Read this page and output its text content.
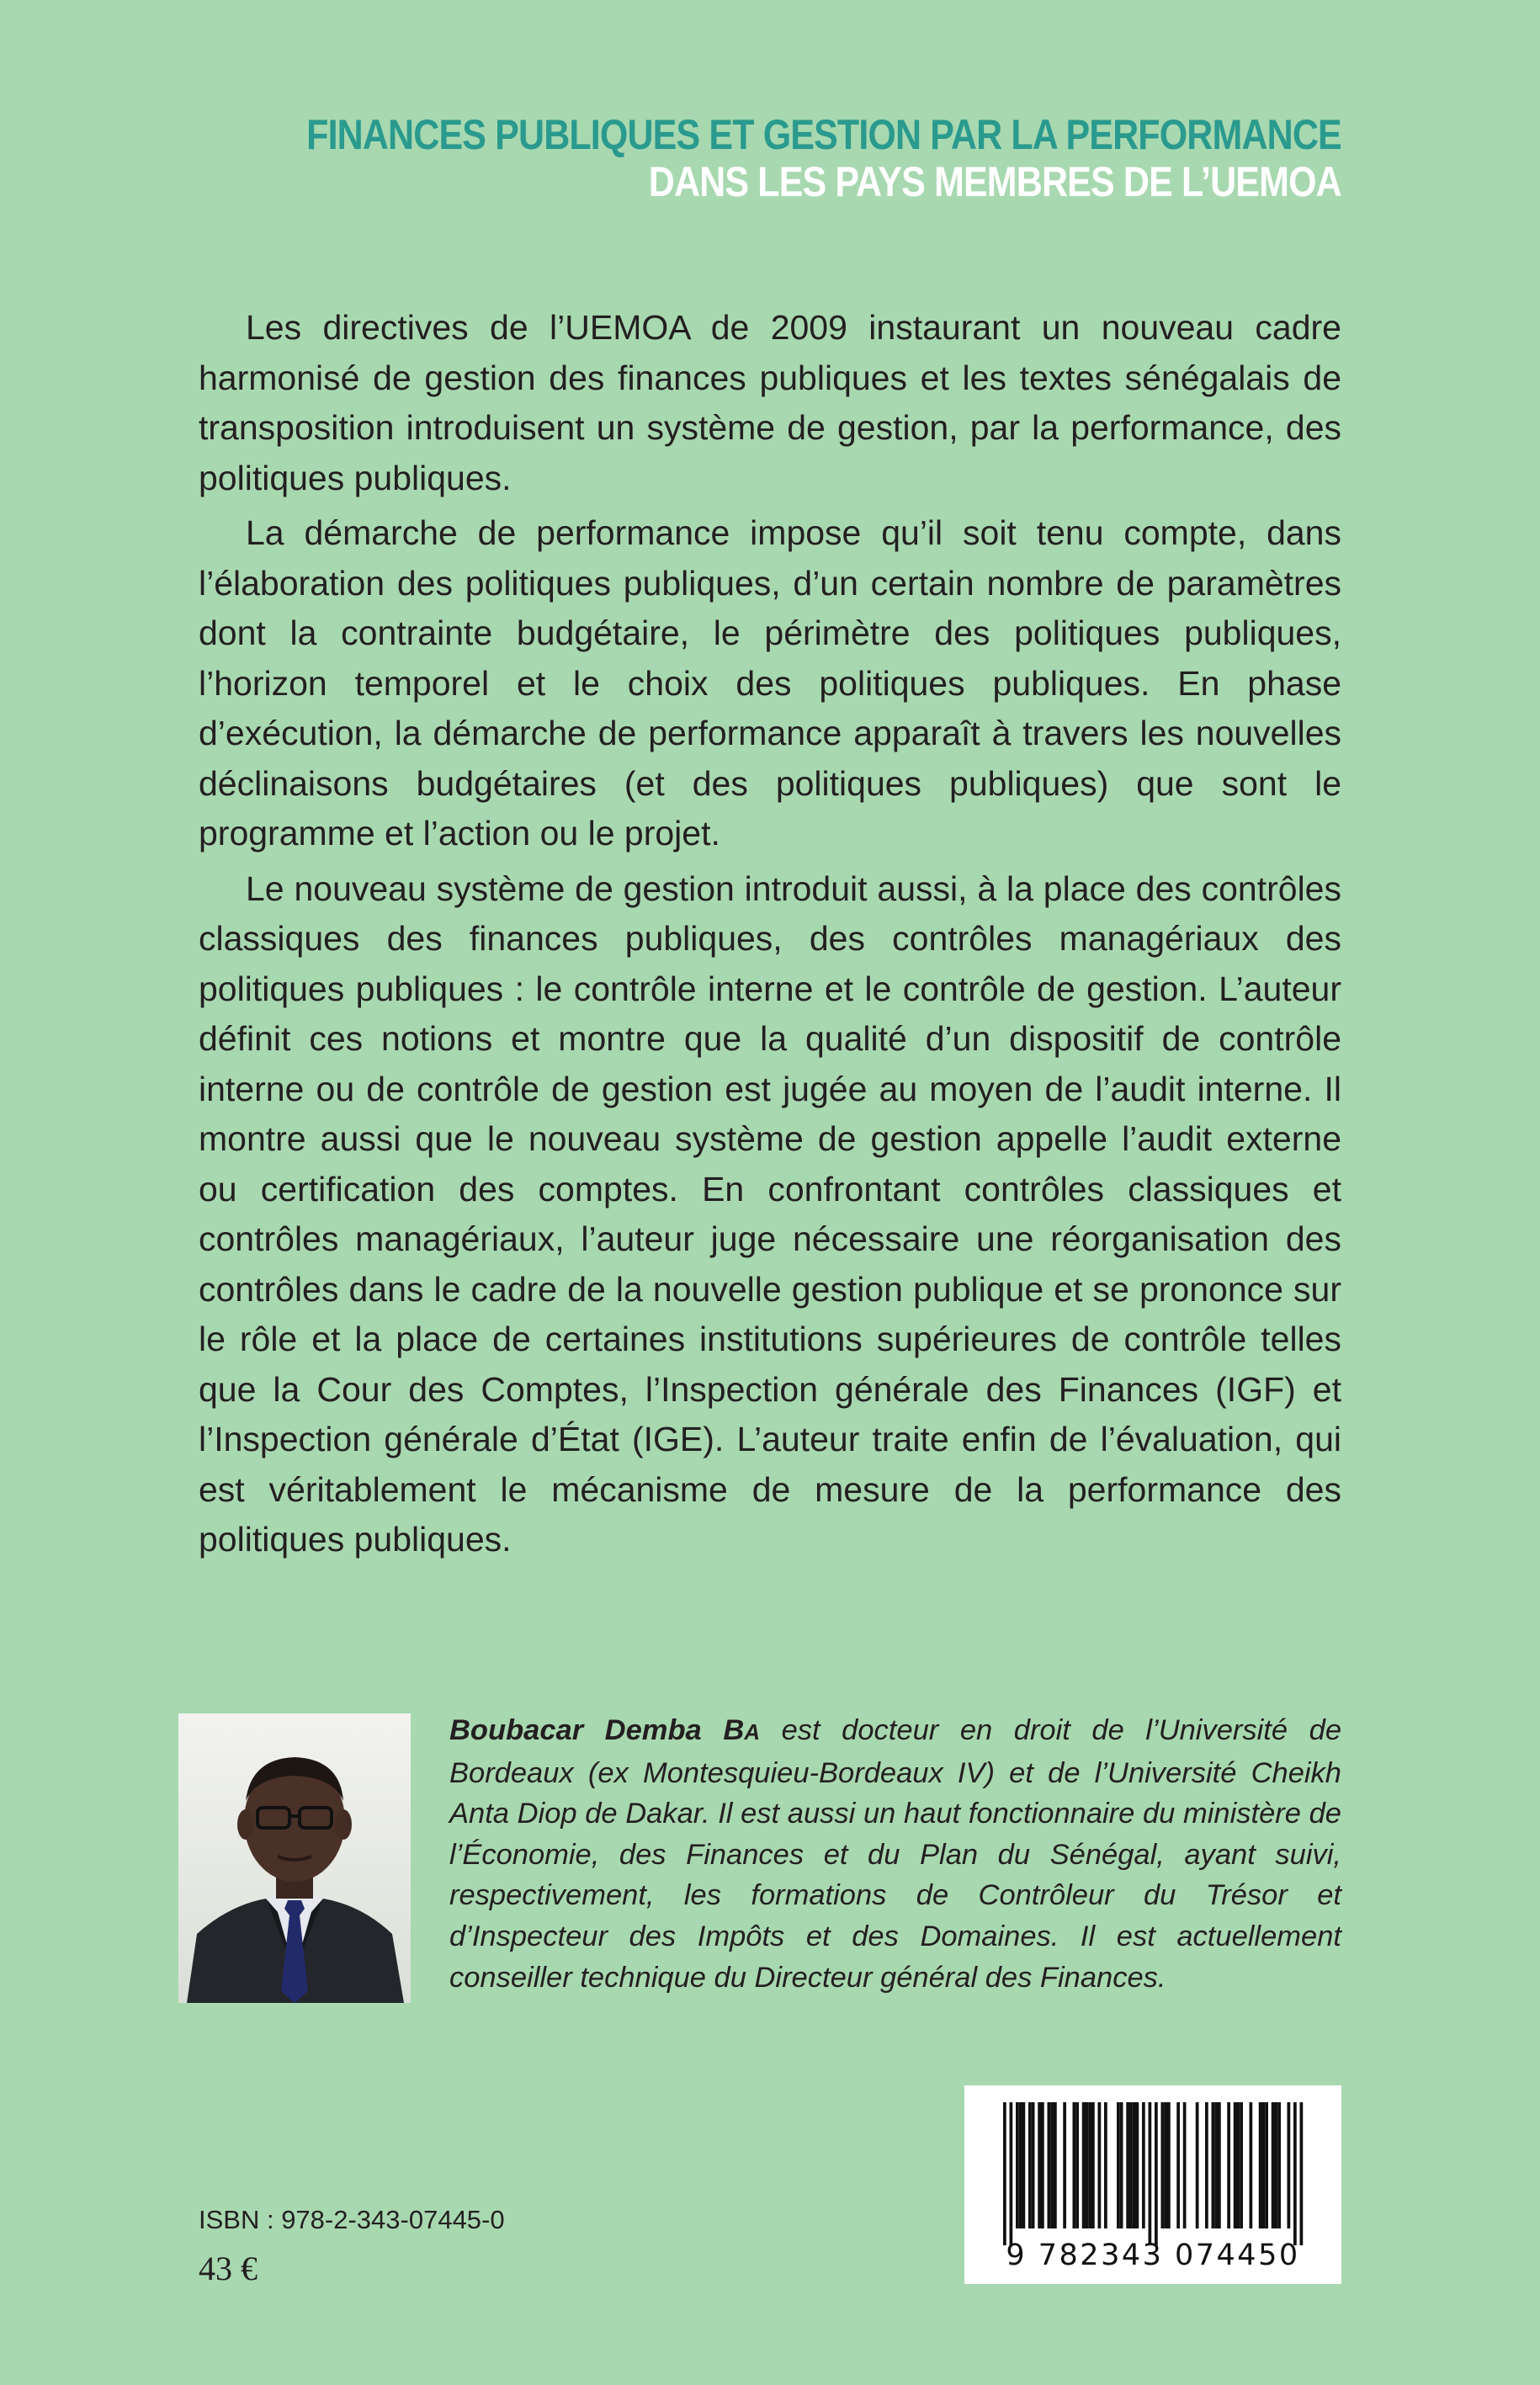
FINANCES PUBLIQUES ET GESTION PAR LA PERFORMANCE
DANS LES PAYS MEMBRES DE L’UEMOA

Les directives de l’UEMOA de 2009 instaurant un nouveau cadre harmonisé de gestion des finances publiques et les textes sénégalais de transposition introduisent un système de gestion, par la performance, des politiques publiques.

La démarche de performance impose qu’il soit tenu compte, dans l’élaboration des politiques publiques, d’un certain nombre de paramètres dont la contrainte budgétaire, le périmètre des politiques publiques, l’horizon temporel et le choix des politiques publiques. En phase d’exécution, la démarche de performance apparaît à travers les nouvelles déclinaisons budgétaires (et des politiques publiques) que sont le programme et l’action ou le projet.

Le nouveau système de gestion introduit aussi, à la place des contrôles classiques des finances publiques, des contrôles managériaux des politiques publiques : le contrôle interne et le contrôle de gestion. L’auteur définit ces notions et montre que la qualité d’un dispositif de contrôle interne ou de contrôle de gestion est jugée au moyen de l’audit interne. Il montre aussi que le nouveau système de gestion appelle l’audit externe ou certification des comptes. En confrontant contrôles classiques et contrôles managériaux, l’auteur juge nécessaire une réorganisation des contrôles dans le cadre de la nouvelle gestion publique et se prononce sur le rôle et la place de certaines institutions supérieures de contrôle telles que la Cour des Comptes, l’Inspection générale des Finances (IGF) et l’Inspection générale d’État (IGE). L’auteur traite enfin de l’évaluation, qui est véritablement le mécanisme de mesure de la performance des politiques publiques.

Boubacar Demba BA est docteur en droit de l’Université de Bordeaux (ex Montesquieu-Bordeaux IV) et de l’Université Cheikh Anta Diop de Dakar. Il est aussi un haut fonctionnaire du ministère de l’Économie, des Finances et du Plan du Sénégal, ayant suivi, respectivement, les formations de Contrôleur du Trésor et d’Inspecteur des Impôts et des Domaines. Il est actuellement conseiller technique du Directeur général des Finances.
9 782343 074450
ISBN : 978-2-343-07445-0
43 €
